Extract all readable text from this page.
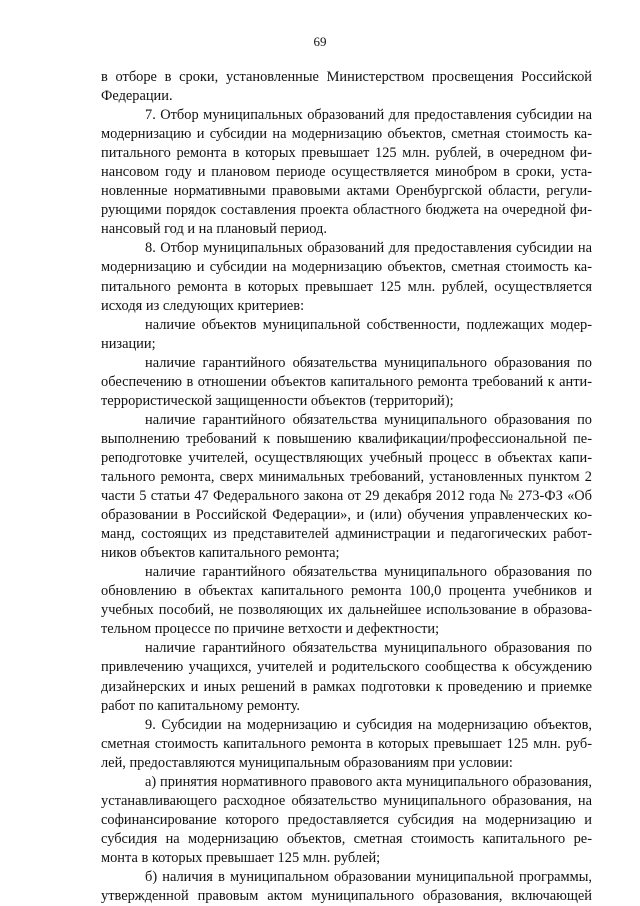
69
в отборе в сроки, установленные Министерством просвещения Российской
Федерации.
7. Отбор муниципальных образований для предоставления субсидии на
модернизацию и субсидии на модернизацию объектов, сметная стоимость ка-
питального ремонта в которых превышает 125 млн. рублей, в очередном фи-
нансовом году и плановом периоде осуществляется минобром в сроки, уста-
новленные нормативными правовыми актами Оренбургской области, регули-
рующими порядок составления проекта областного бюджета на очередной фи-
нансовый год и на плановый период.
8. Отбор муниципальных образований для предоставления субсидии на
модернизацию и субсидии на модернизацию объектов, сметная стоимость ка-
питального ремонта в которых превышает 125 млн. рублей, осуществляется
исходя из следующих критериев:
наличие объектов муниципальной собственности, подлежащих модер-
низации;
наличие гарантийного обязательства муниципального образования по
обеспечению в отношении объектов капитального ремонта требований к анти-
террористической защищенности объектов (территорий);
наличие гарантийного обязательства муниципального образования по
выполнению требований к повышению квалификации/профессиональной пе-
реподготовке учителей, осуществляющих учебный процесс в объектах капи-
тального ремонта, сверх минимальных требований, установленных пунктом 2
части 5 статьи 47 Федерального закона от 29 декабря 2012 года № 273-ФЗ «Об
образовании в Российской Федерации», и (или) обучения управленческих ко-
манд, состоящих из представителей администрации и педагогических работ-
ников объектов капитального ремонта;
наличие гарантийного обязательства муниципального образования по
обновлению в объектах капитального ремонта 100,0 процента учебников и
учебных пособий, не позволяющих их дальнейшее использование в образова-
тельном процессе по причине ветхости и дефектности;
наличие гарантийного обязательства муниципального образования по
привлечению учащихся, учителей и родительского сообщества к обсуждению
дизайнерских и иных решений в рамках подготовки к проведению и приемке
работ по капитальному ремонту.
9. Субсидии на модернизацию и субсидия на модернизацию объектов,
сметная стоимость капитального ремонта в которых превышает 125 млн. руб-
лей, предоставляются муниципальным образованиям при условии:
а) принятия нормативного правового акта муниципального образования,
устанавливающего расходное обязательство муниципального образования, на
софинансирование которого предоставляется субсидия на модернизацию и
субсидия на модернизацию объектов, сметная стоимость капитального ре-
монта в которых превышает 125 млн. рублей;
б) наличия в муниципальном образовании муниципальной программы,
утвержденной правовым актом муниципального образования, включающей
